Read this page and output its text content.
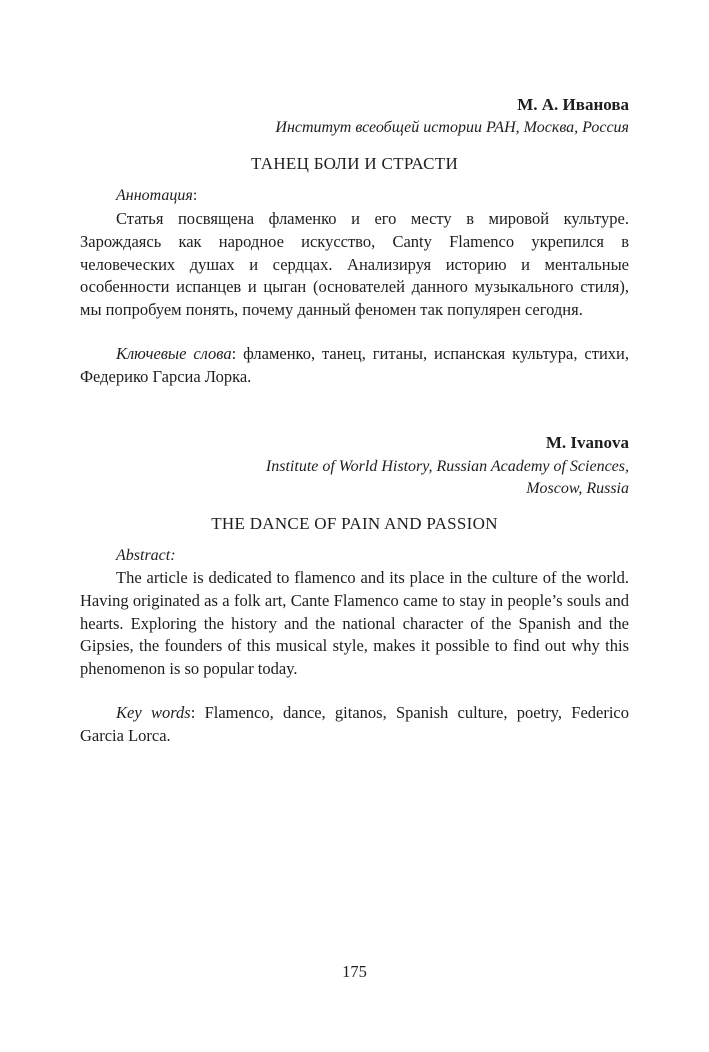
М. А. Иванова
Институт всеобщей истории РАН, Москва, Россия
ТАНЕЦ БОЛИ И СТРАСТИ
Аннотация:

Статья посвящена фламенко и его месту в мировой культуре. Зарождаясь как народное искусство, Canty Flamenco укрепился в человеческих душах и сердцах. Анализируя историю и ментальные особенности испанцев и цыган (основателей данного музыкального стиля), мы попробуем понять, почему данный феномен так популярен сегодня.

Ключевые слова: фламенко, танец, гитаны, испанская культура, стихи, Федерико Гарсиа Лорка.

M. Ivanova
Institute of World History, Russian Academy of Sciences,
Moscow, Russia
THE DANCE OF PAIN AND PASSION
Abstract:

The article is dedicated to flamenco and its place in the culture of the world. Having originated as a folk art, Cante Flamenco came to stay in people’s souls and hearts. Exploring the history and the national character of the Spanish and the Gipsies, the founders of this musical style, makes it possible to find out why this phenomenon is so popular today.

Key words: Flamenco, dance, gitanos, Spanish culture, poetry, Federico Garcia Lorca.

175
